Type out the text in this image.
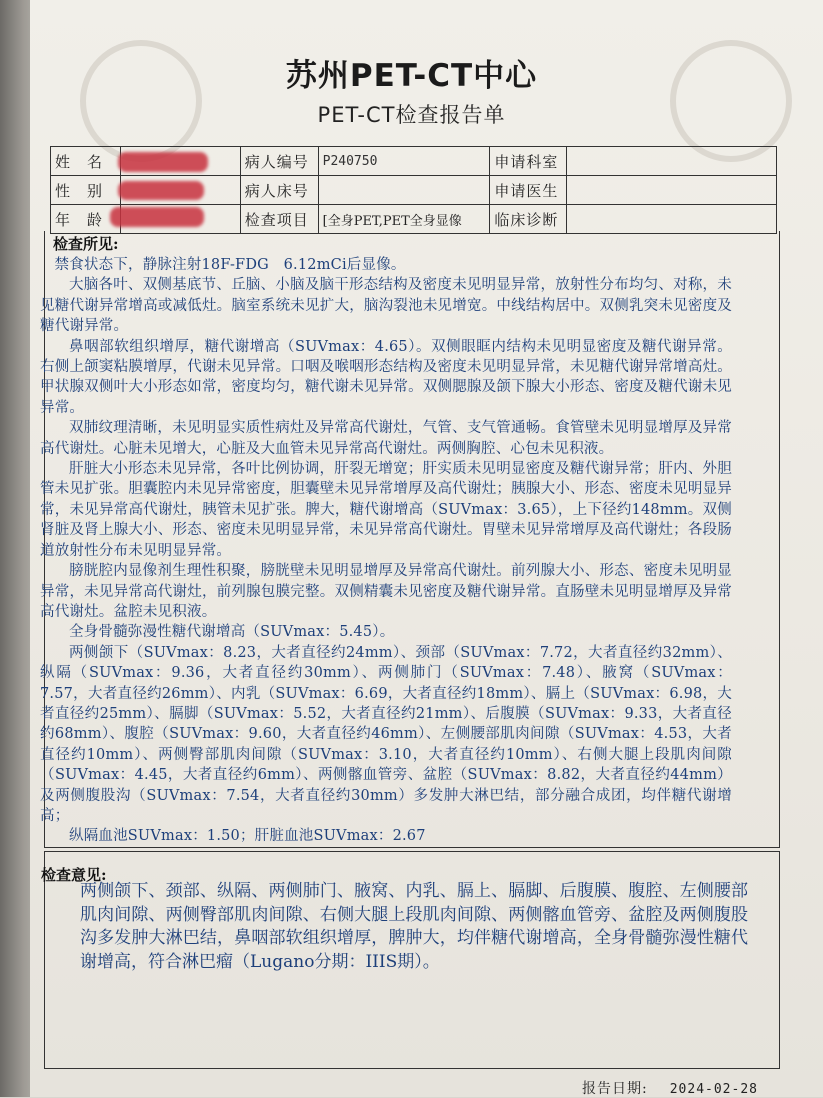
苏州PET-CT中心
PET-CT检查报告单
姓　名		病人编号	P240750	申请科室	
性　别		病人床号		申请医生	
年　龄		检查项目	[全身PET,PET全身显像	临床诊断	
检查所见:

禁食状态下，静脉注射18F-FDG　6.12mCi后显像。

大脑各叶、双侧基底节、丘脑、小脑及脑干形态结构及密度未见明显异常，放射性分布均匀、对称，未见糖代谢异常增高或减低灶。脑室系统未见扩大，脑沟裂池未见增宽。中线结构居中。双侧乳突未见密度及糖代谢异常。

鼻咽部软组织增厚，糖代谢增高（SUVmax：4.65）。双侧眼眶内结构未见明显密度及糖代谢异常。右侧上颌窦粘膜增厚，代谢未见异常。口咽及喉咽形态结构及密度未见明显异常，未见糖代谢异常增高灶。甲状腺双侧叶大小形态如常，密度均匀，糖代谢未见异常。双侧腮腺及颌下腺大小形态、密度及糖代谢未见异常。

双肺纹理清晰，未见明显实质性病灶及异常高代谢灶，气管、支气管通畅。食管壁未见明显增厚及异常高代谢灶。心脏未见增大，心脏及大血管未见异常高代谢灶。两侧胸腔、心包未见积液。

肝脏大小形态未见异常，各叶比例协调，肝裂无增宽；肝实质未见明显密度及糖代谢异常；肝内、外胆管未见扩张。胆囊腔内未见异常密度，胆囊壁未见异常增厚及高代谢灶；胰腺大小、形态、密度未见明显异常，未见异常高代谢灶，胰管未见扩张。脾大，糖代谢增高（SUVmax：3.65），上下径约148mm。双侧肾脏及肾上腺大小、形态、密度未见明显异常，未见异常高代谢灶。胃壁未见异常增厚及高代谢灶；各段肠道放射性分布未见明显异常。

膀胱腔内显像剂生理性积聚，膀胱壁未见明显增厚及异常高代谢灶。前列腺大小、形态、密度未见明显异常，未见异常高代谢灶，前列腺包膜完整。双侧精囊未见密度及糖代谢异常。直肠壁未见明显增厚及异常高代谢灶。盆腔未见积液。

全身骨髓弥漫性糖代谢增高（SUVmax：5.45）。

两侧颌下（SUVmax：8.23，大者直径约24mm）、颈部（SUVmax：7.72，大者直径约32mm）、纵隔（SUVmax：9.36，大者直径约30mm）、两侧肺门（SUVmax：7.48）、腋窝（SUVmax：7.57，大者直径约26mm）、内乳（SUVmax：6.69，大者直径约18mm）、膈上（SUVmax：6.98，大者直径约25mm）、膈脚（SUVmax：5.52，大者直径约21mm）、后腹膜（SUVmax：9.33，大者直径约68mm）、腹腔（SUVmax：9.60，大者直径约46mm）、左侧腰部肌肉间隙（SUVmax：4.53，大者直径约10mm）、两侧臀部肌肉间隙（SUVmax：3.10，大者直径约10mm）、右侧大腿上段肌肉间隙（SUVmax：4.45，大者直径约6mm）、两侧髂血管旁、盆腔（SUVmax：8.82，大者直径约44mm）及两侧腹股沟（SUVmax：7.54，大者直径约30mm）多发肿大淋巴结，部分融合成团，均伴糖代谢增高；

纵隔血池SUVmax：1.50；肝脏血池SUVmax：2.67

检查意见:
两侧颌下、颈部、纵隔、两侧肺门、腋窝、内乳、膈上、膈脚、后腹膜、腹腔、左侧腰部肌肉间隙、两侧臀部肌肉间隙、右侧大腿上段肌肉间隙、两侧髂血管旁、盆腔及两侧腹股沟多发肿大淋巴结，鼻咽部软组织增厚，脾肿大，均伴糖代谢增高，全身骨髓弥漫性糖代谢增高，符合淋巴瘤（Lugano分期：IIIS期）。
报告日期: 2024-02-28
